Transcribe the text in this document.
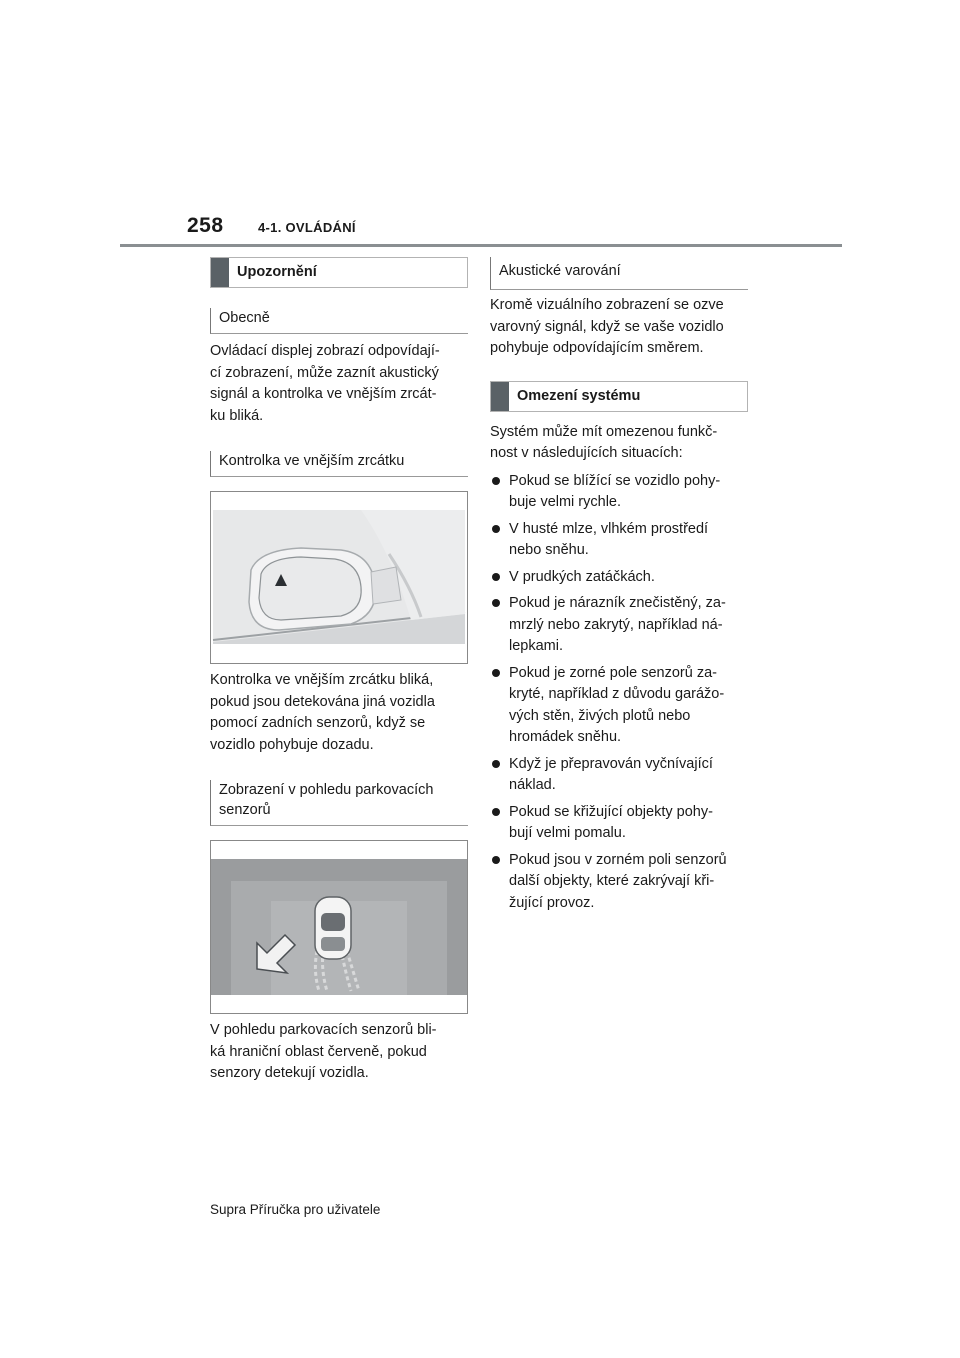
258	4-1. OVLÁDÁNÍ
Upozornění
Obecně
Ovládací displej zobrazí odpovídají-
cí zobrazení, může zaznít akustický
signál a kontrolka ve vnějším zrcát-
ku bliká.
Kontrolka ve vnějším zrcátku
Kontrolka ve vnějším zrcátku bliká,
pokud jsou detekována jiná vozidla
pomocí zadních senzorů, když se
vozidlo pohybuje dozadu.
Zobrazení v pohledu parkovacích
senzorů
V pohledu parkovacích senzorů bli-
ká hraniční oblast červeně, pokud
senzory detekují vozidla.
Akustické varování
Kromě vizuálního zobrazení se ozve
varovný signál, když se vaše vozidlo
pohybuje odpovídajícím směrem.
Omezení systému
Systém může mít omezenou funkč-
nost v následujících situacích:
Pokud se blížící se vozidlo pohy-
buje velmi rychle.
V husté mlze, vlhkém prostředí
nebo sněhu.
V prudkých zatáčkách.
Pokud je nárazník znečistěný, za-
mrzlý nebo zakrytý, například ná-
lepkami.
Pokud je zorné pole senzorů za-
kryté, například z důvodu garážo-
vých stěn, živých plotů nebo
hromádek sněhu.
Když je přepravován vyčnívající
náklad.
Pokud se křižující objekty pohy-
bují velmi pomalu.
Pokud jsou v zorném poli senzorů
další objekty, které zakrývají kři-
žující provoz.
Supra Příručka pro uživatele
